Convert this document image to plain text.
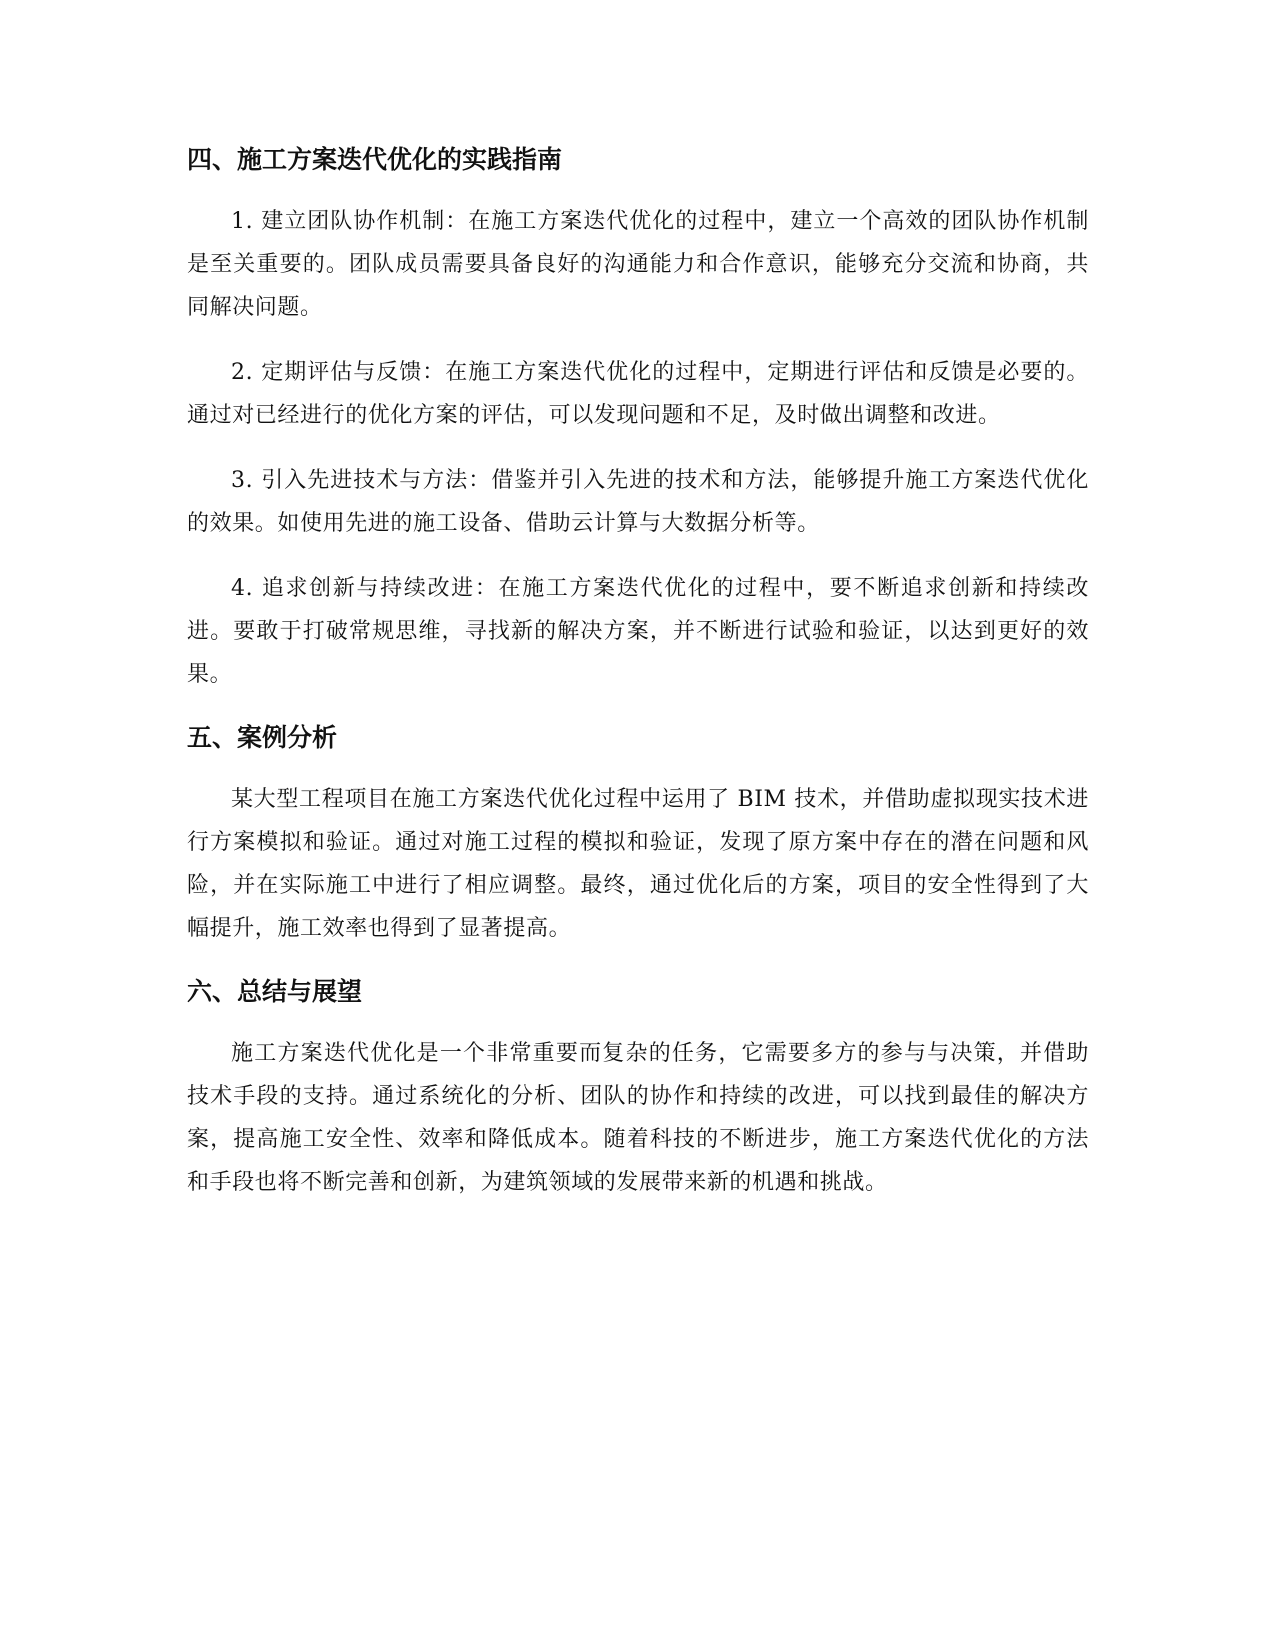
四、施工方案迭代优化的实践指南

1. 建立团队协作机制：在施工方案迭代优化的过程中，建立一个高效的团队协作机制是至关重要的。团队成员需要具备良好的沟通能力和合作意识，能够充分交流和协商，共同解决问题。

2. 定期评估与反馈：在施工方案迭代优化的过程中，定期进行评估和反馈是必要的。通过对已经进行的优化方案的评估，可以发现问题和不足，及时做出调整和改进。

3. 引入先进技术与方法：借鉴并引入先进的技术和方法，能够提升施工方案迭代优化的效果。如使用先进的施工设备、借助云计算与大数据分析等。

4. 追求创新与持续改进：在施工方案迭代优化的过程中，要不断追求创新和持续改进。要敢于打破常规思维，寻找新的解决方案，并不断进行试验和验证，以达到更好的效果。

五、案例分析

某大型工程项目在施工方案迭代优化过程中运用了 BIM 技术，并借助虚拟现实技术进行方案模拟和验证。通过对施工过程的模拟和验证，发现了原方案中存在的潜在问题和风险，并在实际施工中进行了相应调整。最终，通过优化后的方案，项目的安全性得到了大幅提升，施工效率也得到了显著提高。

六、总结与展望

施工方案迭代优化是一个非常重要而复杂的任务，它需要多方的参与与决策，并借助技术手段的支持。通过系统化的分析、团队的协作和持续的改进，可以找到最佳的解决方案，提高施工安全性、效率和降低成本。随着科技的不断进步，施工方案迭代优化的方法和手段也将不断完善和创新，为建筑领域的发展带来新的机遇和挑战。
